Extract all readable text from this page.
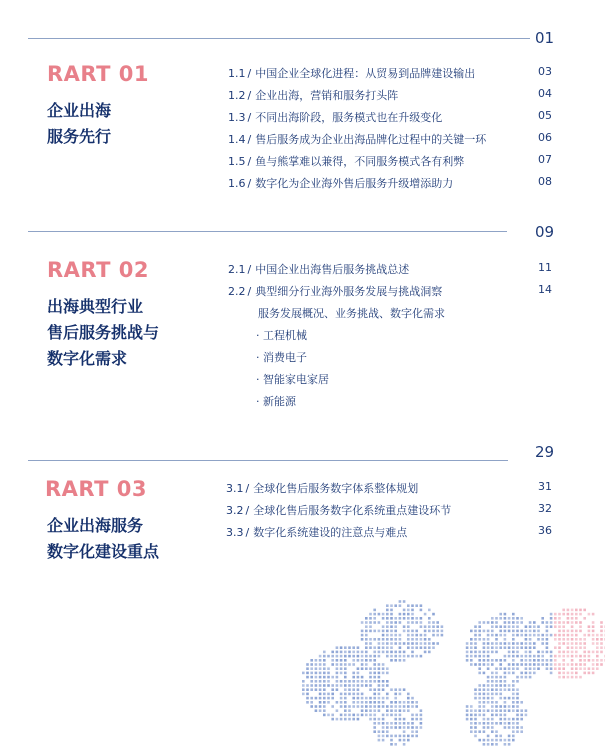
01
RART 01
企业出海
服务先行
1.1 / 中国企业全球化进程：从贸易到品牌建设输出	03
1.2 / 企业出海，营销和服务打头阵	04
1.3 / 不同出海阶段，服务模式也在升级变化	05
1.4 / 售后服务成为企业出海品牌化过程中的关键一环	06
1.5 / 鱼与熊掌难以兼得，不同服务模式各有利弊	07
1.6 / 数字化为企业海外售后服务升级增添助力	08
09
RART 02
出海典型行业
售后服务挑战与
数字化需求
2.1 / 中国企业出海售后服务挑战总述	11
2.2 / 典型细分行业海外服务发展与挑战洞察	14
服务发展概况、业务挑战、数字化需求
· 工程机械
· 消费电子
· 智能家电家居
· 新能源
29
RART 03
企业出海服务
数字化建设重点
3.1 / 全球化售后服务数字体系整体规划	31
3.2 / 全球化售后服务数字化系统重点建设环节	32
3.3 / 数字化系统建设的注意点与难点	36
